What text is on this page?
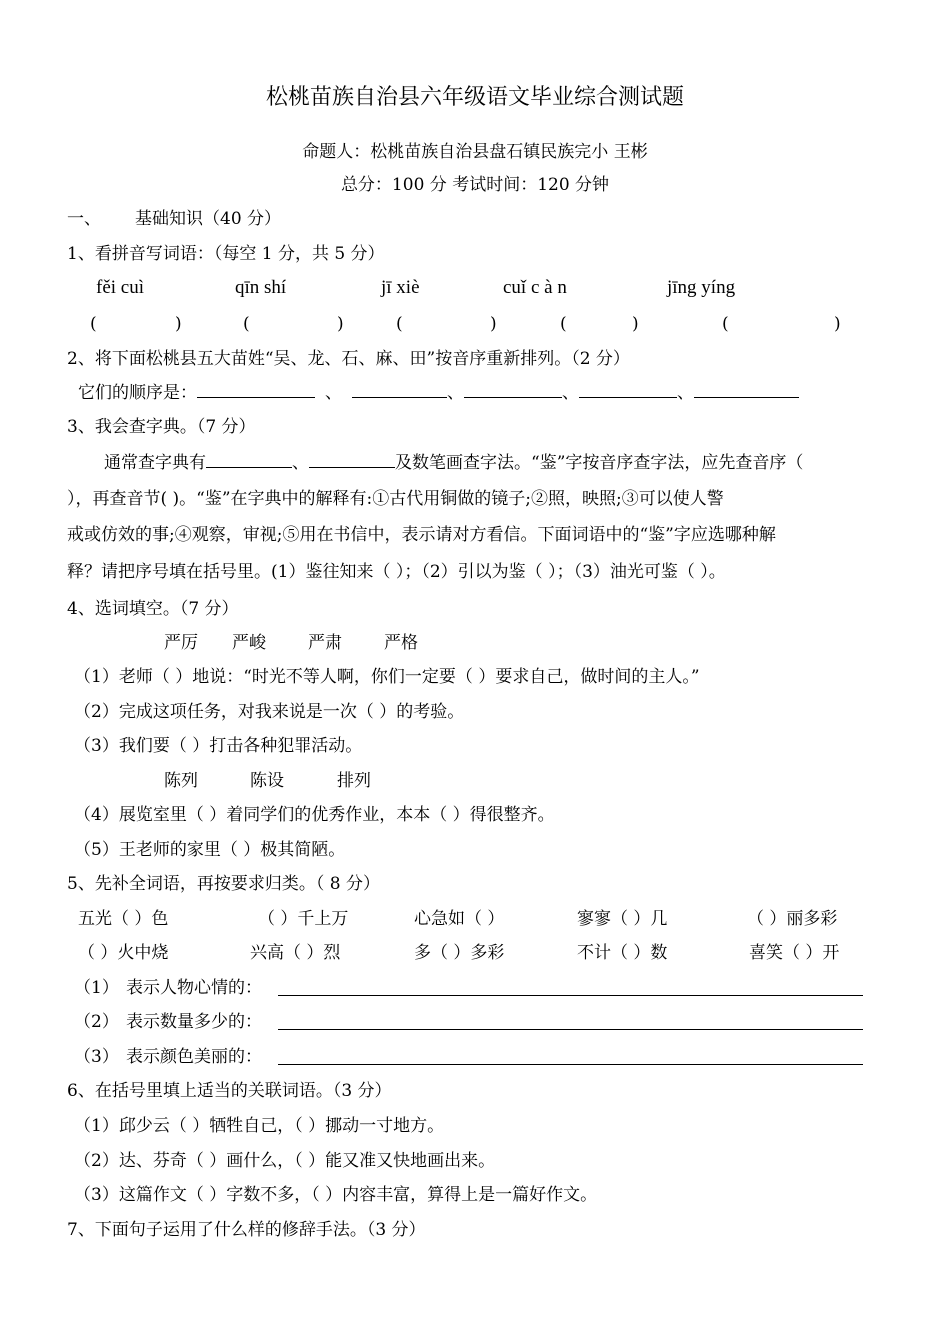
松桃苗族自治县六年级语文毕业综合测试题
命题人：松桃苗族自治县盘石镇民族完小 王彬
总分：100 分 考试时间：120 分钟
一、 基础知识（40 分）
1、看拼音写词语：（每空 1 分，共 5 分）
fěi cuì	qīn shí	jī xiè	cuǐ c à n	jīng yíng
(	)	(	)	(	)	(	)	(	)
2、将下面松桃县五大苗姓“吴、龙、石、麻、田”按音序重新排列。（2 分）
它们的顺序是：	、	、	、	、
3、我会查字典。（7 分）
通常查字典有	、	及数笔画查字法。“鉴”字按音序查字法，应先查音序（
），再查音节( )。“鉴”在字典中的解释有:①古代用铜做的镜子;②照，映照;③可以使人警
戒或仿效的事;④观察，审视;⑤用在书信中，表示请对方看信。下面词语中的“鉴”字应选哪种解
释？请把序号填在括号里。(1）鉴往知来（ ）；（2）引以为鉴（ ）；（3）油光可鉴（ ）。
4、选词填空。（7 分）
严厉 严峻 严肃 严格
（1）老师（ ）地说：“时光不等人啊，你们一定要（ ）要求自己，做时间的主人。”
（2）完成这项任务，对我来说是一次（ ）的考验。
（3）我们要（ ）打击各种犯罪活动。
陈列	陈设	排列
（4）展览室里（ ）着同学们的优秀作业，本本（ ）得很整齐。
（5）王老师的家里（ ）极其简陋。
5、先补全词语，再按要求归类。（ 8 分）
五光（ ）色	（ ）千上万	心急如（ ）	寥寥（ ）几	（ ）丽多彩
（ ）火中烧	兴高（ ）烈	多（ ）多彩	不计（ ）数	喜笑（ ）开
（1） 表示人物心情的：
（2） 表示数量多少的：
（3） 表示颜色美丽的：
6、在括号里填上适当的关联词语。（3 分）
（1）邱少云（ ）牺牲自己，（ ）挪动一寸地方。
（2）达、芬奇（ ）画什么，（ ）能又准又快地画出来。
（3）这篇作文（ ）字数不多，（ ）内容丰富，算得上是一篇好作文。
7、下面句子运用了什么样的修辞手法。（3 分）
